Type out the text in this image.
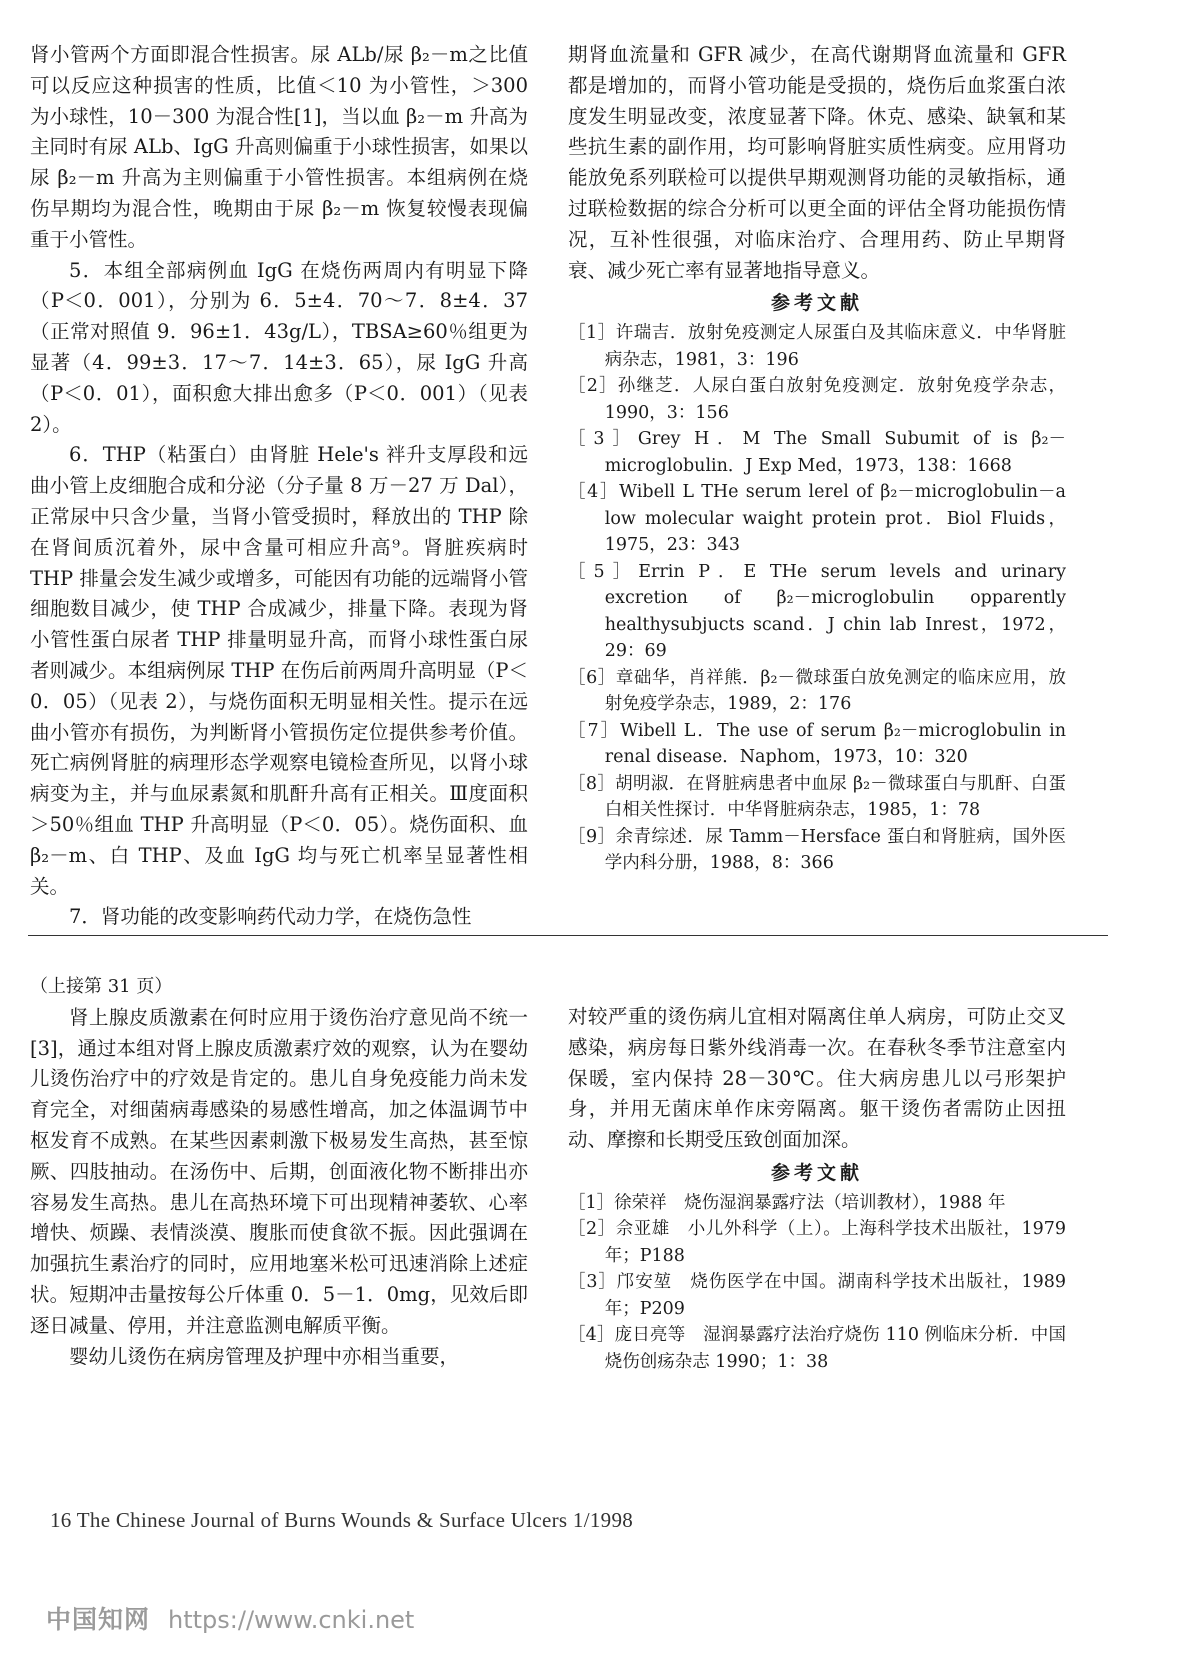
肾小管两个方面即混合性损害。尿 ALb/尿 β₂－m之比值可以反应这种损害的性质，比值＜10 为小管性，＞300 为小球性，10－300 为混合性[1]，当以血 β₂－m 升高为主同时有尿 ALb、IgG 升高则偏重于小球性损害，如果以尿 β₂－m 升高为主则偏重于小管性损害。本组病例在烧伤早期均为混合性，晚期由于尿 β₂－m 恢复较慢表现偏重于小管性。

5．本组全部病例血 IgG 在烧伤两周内有明显下降（P＜0．001），分别为 6．5±4．70～7．8±4．37（正常对照值 9．96±1．43g/L），TBSA≥60％组更为显著（4．99±3．17～7．14±3．65），尿 IgG 升高（P＜0．01），面积愈大排出愈多（P＜0．001）（见表 2）。

6．THP（粘蛋白）由肾脏 Hele's 袢升支厚段和远曲小管上皮细胞合成和分泌（分子量 8 万－27 万 Dal），正常尿中只含少量，当肾小管受损时，释放出的 THP 除在肾间质沉着外，尿中含量可相应升高⁹。肾脏疾病时 THP 排量会发生减少或增多，可能因有功能的远端肾小管细胞数目减少，使 THP 合成减少，排量下降。表现为肾小管性蛋白尿者 THP 排量明显升高，而肾小球性蛋白尿者则减少。本组病例尿 THP 在伤后前两周升高明显（P＜0．05）（见表 2），与烧伤面积无明显相关性。提示在远曲小管亦有损伤，为判断肾小管损伤定位提供参考价值。死亡病例肾脏的病理形态学观察电镜检查所见，以肾小球病变为主，并与血尿素氮和肌酐升高有正相关。Ⅲ度面积＞50％组血 THP 升高明显（P＜0．05）。烧伤面积、血 β₂－m、白 THP、及血 IgG 均与死亡机率呈显著性相关。

7．肾功能的改变影响药代动力学，在烧伤急性

期肾血流量和 GFR 减少，在高代谢期肾血流量和 GFR 都是增加的，而肾小管功能是受损的，烧伤后血浆蛋白浓度发生明显改变，浓度显著下降。休克、感染、缺氧和某些抗生素的副作用，均可影响肾脏实质性病变。应用肾功能放免系列联检可以提供早期观测肾功能的灵敏指标，通过联检数据的综合分析可以更全面的评估全肾功能损伤情况，互补性很强，对临床治疗、合理用药、防止早期肾衰、减少死亡率有显著地指导意义。

参考文献

［1］许瑞吉．放射免疫测定人尿蛋白及其临床意义．中华肾脏病杂志，1981，3：196

［2］孙继芝．人尿白蛋白放射免疫测定．放射免疫学杂志，1990，3：156

［3］Grey H．M The Small Subumit of is β₂－microglobulin．J Exp Med，1973，138：1668

［4］Wibell L THe serum lerel of β₂－microglobulin－a low molecular waight protein prot．Biol Fluids，1975，23：343

［5］Errin P．E THe serum levels and urinary excretion of β₂－microglobulin opparently healthysubjucts scand．J chin lab Inrest，1972，29：69

［6］章础华，肖祥熊．β₂－微球蛋白放免测定的临床应用，放射免疫学杂志，1989，2：176

［7］Wibell L．The use of serum β₂－microglobulin in renal disease．Naphom，1973，10：320

［8］胡明淑．在肾脏病患者中血尿 β₂－微球蛋白与肌酐、白蛋白相关性探讨．中华肾脏病杂志，1985，1：78

［9］余青综述．尿 Tamm－Hersface 蛋白和肾脏病，国外医学内科分册，1988，8：366

（上接第 31 页）

肾上腺皮质激素在何时应用于烫伤治疗意见尚不统一[3]，通过本组对肾上腺皮质激素疗效的观察，认为在婴幼儿烫伤治疗中的疗效是肯定的。患儿自身免疫能力尚未发育完全，对细菌病毒感染的易感性增高，加之体温调节中枢发育不成熟。在某些因素刺激下极易发生高热，甚至惊厥、四肢抽动。在汤伤中、后期，创面液化物不断排出亦容易发生高热。患儿在高热环境下可出现精神萎软、心率增快、烦躁、表情淡漠、腹胀而使食欲不振。因此强调在加强抗生素治疗的同时，应用地塞米松可迅速消除上述症状。短期冲击量按每公斤体重 0．5－1．0mg，见效后即逐日减量、停用，并注意监测电解质平衡。

婴幼儿烫伤在病房管理及护理中亦相当重要，

对较严重的烫伤病儿宜相对隔离住单人病房，可防止交叉感染，病房每日紫外线消毒一次。在春秋冬季节注意室内保暖，室内保持 28－30℃。住大病房患儿以弓形架护身，并用无菌床单作床旁隔离。躯干烫伤者需防止因扭动、摩擦和长期受压致创面加深。

参考文献

［1］徐荣祥　烧伤湿润暴露疗法（培训教材），1988 年

［2］佘亚雄　小儿外科学（上）。上海科学技术出版社，1979 年；P188

［3］邝安堃　烧伤医学在中国。湖南科学技术出版社，1989 年；P209

［4］庞日亮等　湿润暴露疗法治疗烧伤 110 例临床分析．中国烧伤创疡杂志 1990；1：38

16 The Chinese Journal of Burns Wounds & Surface Ulcers 1/1998
中国知网 https://www.cnki.net
